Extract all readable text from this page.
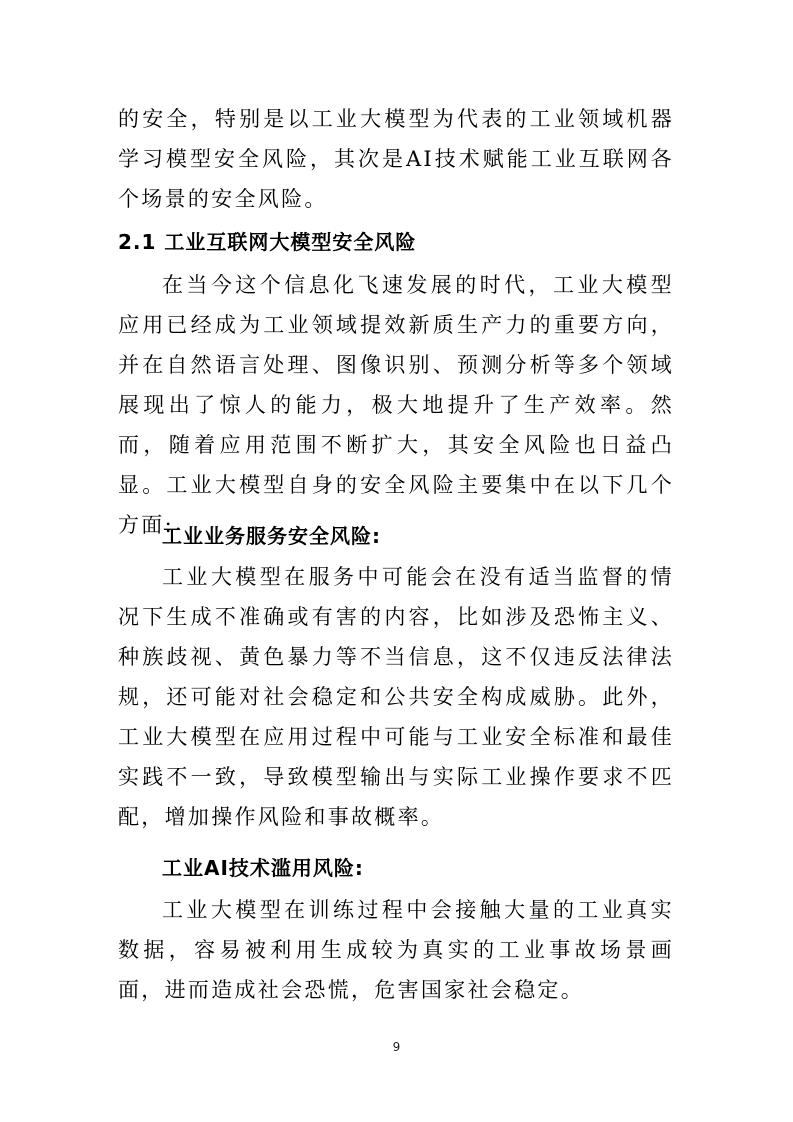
的安全，特别是以工业大模型为代表的工业领域机器学习模型安全风险，其次是AI技术赋能工业互联网各个场景的安全风险。

2.1 工业互联网大模型安全风险

在当今这个信息化飞速发展的时代，工业大模型应用已经成为工业领域提效新质生产力的重要方向，并在自然语言处理、图像识别、预测分析等多个领域展现出了惊人的能力，极大地提升了生产效率。然而，随着应用范围不断扩大，其安全风险也日益凸显。工业大模型自身的安全风险主要集中在以下几个方面:

工业业务服务安全风险:

工业大模型在服务中可能会在没有适当监督的情况下生成不准确或有害的内容，比如涉及恐怖主义、种族歧视、黄色暴力等不当信息，这不仅违反法律法规，还可能对社会稳定和公共安全构成威胁。此外，工业大模型在应用过程中可能与工业安全标准和最佳实践不一致，导致模型输出与实际工业操作要求不匹配，增加操作风险和事故概率。

工业AI技术滥用风险:

工业大模型在训练过程中会接触大量的工业真实数据，容易被利用生成较为真实的工业事故场景画面，进而造成社会恐慌，危害国家社会稳定。

9
